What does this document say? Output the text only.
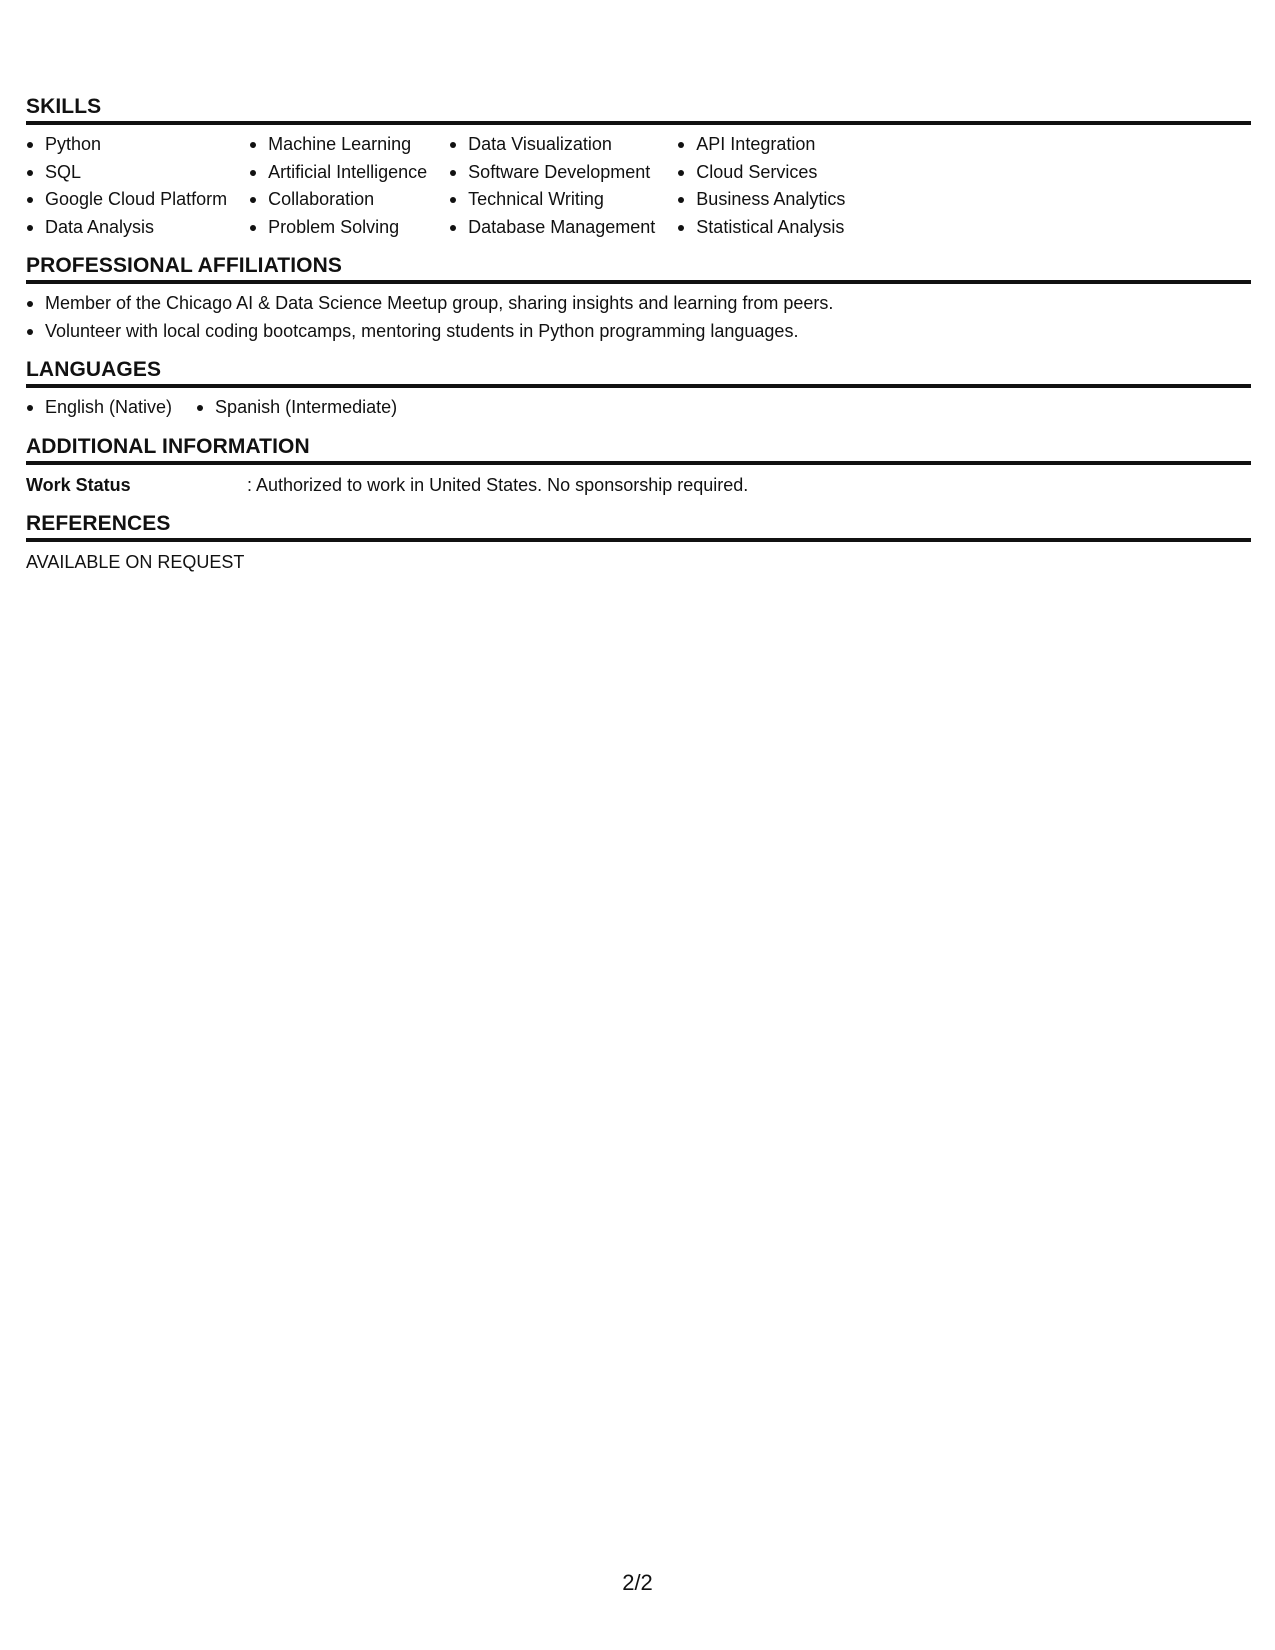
SKILLS
Python
SQL
Google Cloud Platform
Data Analysis
Machine Learning
Artificial Intelligence
Collaboration
Problem Solving
Data Visualization
Software Development
Technical Writing
Database Management
API Integration
Cloud Services
Business Analytics
Statistical Analysis
PROFESSIONAL AFFILIATIONS
Member of the Chicago AI & Data Science Meetup group, sharing insights and learning from peers.
Volunteer with local coding bootcamps, mentoring students in Python programming languages.
LANGUAGES
English (Native)	Spanish (Intermediate)
ADDITIONAL INFORMATION
Work Status	: Authorized to work in United States. No sponsorship required.
REFERENCES
AVAILABLE ON REQUEST
2/2
